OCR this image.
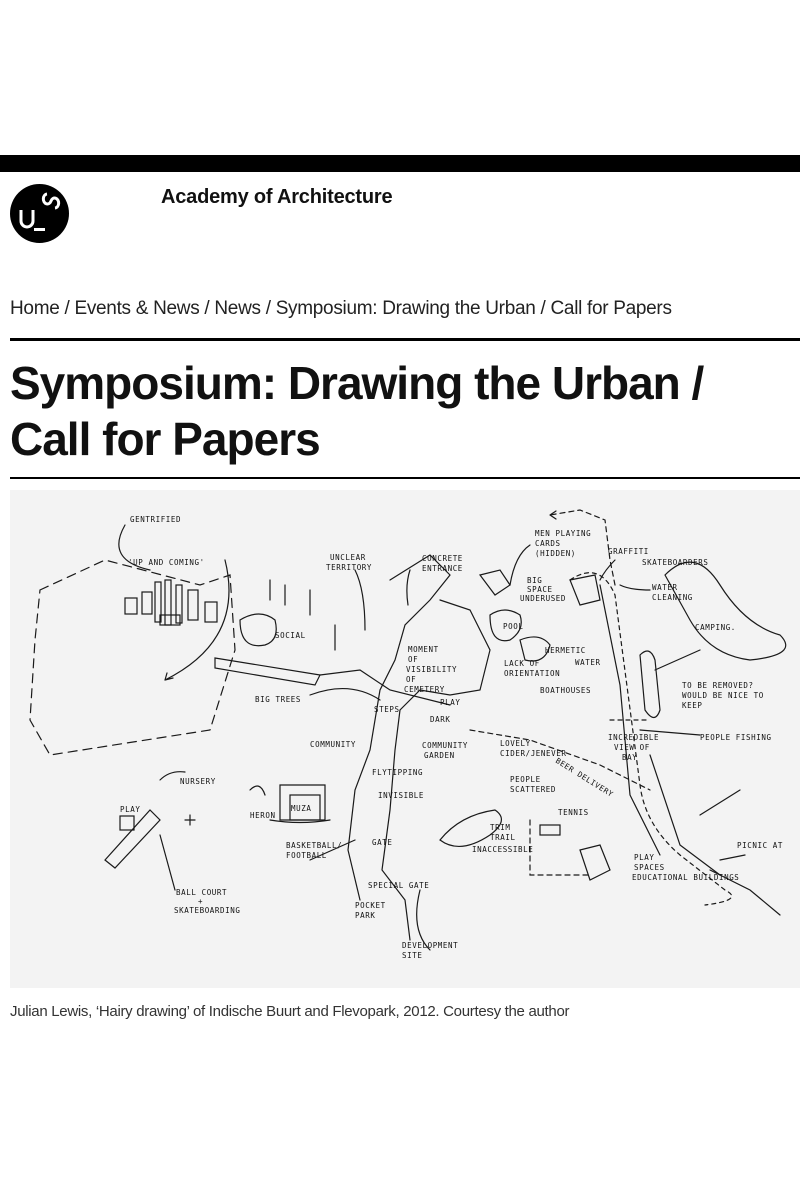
Academy of Architecture
Home / Events & News / News / Symposium: Drawing the Urban / Call for Papers
Symposium: Drawing the Urban /
Call for Papers
GENTRIFIED
'UP AND COMING'
UNCLEAR
TERRITORY
CONCRETE
ENTRANCE
MEN PLAYING
CARDS
(HIDDEN)	GRAFFITI
SKATEBOARDERS
BIG
SPACE
UNDERUSED
WATER
CLEANING
CAMPING.
SOCIAL
POOL
HERMETIC
WATER
MOMENT
OF
VISIBILITY
OF
CEMETERY
LACK OF
ORIENTATION
BOATHOUSES
TO BE REMOVED?
WOULD BE NICE TO
KEEP
BIG TREES
STEPS
PLAY
DARK
COMMUNITY	COMMUNITY
GARDEN
LOVELY
CIDER/JENEVER
BEER DELIVERY
INCREDIBLE
VIEW OF
BAY
PEOPLE FISHING
NURSERY
FLYTIPPING
INVISIBLE
PEOPLE
SCATTERED
PLAY
HERON
MUZA	TENNIS
TRIM
TRAIL
INACCESSIBLE
BASKETBALL/
FOOTBALL
GATE	PICNIC AT
PLAY
SPACES
EDUCATIONAL BUILDINGS
BALL COURT
+
SKATEBOARDING
SPECIAL GATE
POCKET
PARK
DEVELOPMENT
SITE
Julian Lewis, ‘Hairy drawing’ of Indische Buurt and Flevopark, 2012. Courtesy the author
